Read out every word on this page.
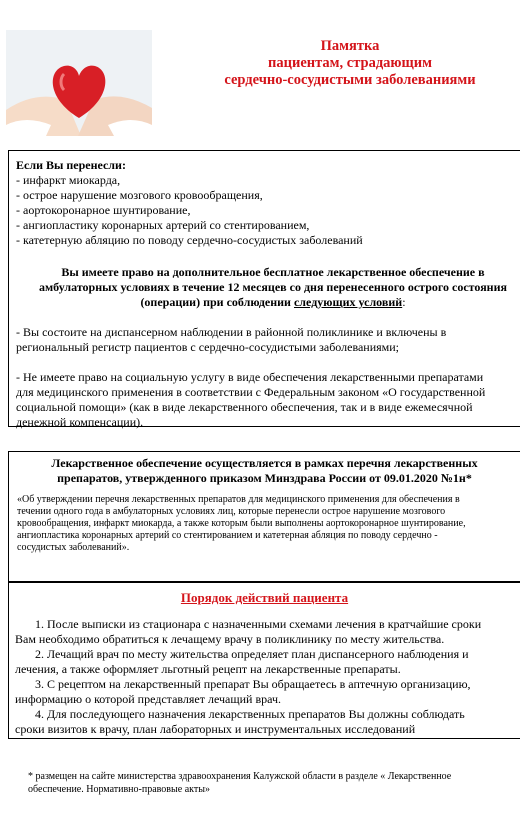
Памятка
пациентам, страдающим
сердечно-сосудистыми заболеваниями
Если Вы перенесли:
- инфаркт миокарда,
- острое нарушение мозгового кровообращения,
- аортокоронарное шунтирование,
- ангиопластику коронарных артерий со стентированием,
- катетерную абляцию по поводу сердечно-сосудистых заболеваний
Вы имеете право на дополнительное бесплатное лекарственное обеспечение в
амбулаторных условиях в течение 12 месяцев со дня перенесенного острого состояния
(операции) при соблюдении следующих условий:
- Вы состоите на диспансерном наблюдении в районной поликлинике и включены в
региональный регистр пациентов с сердечно-сосудистыми заболеваниями;
- Не имеете право на социальную услугу в виде обеспечения лекарственными препаратами
для медицинского применения в соответствии с Федеральным законом «О государственной
социальной помощи» (как в виде лекарственного обеспечения, так и в виде ежемесячной
денежной компенсации).
Лекарственное обеспечение осуществляется в рамках перечня лекарственных
препаратов, утвержденного приказом Минздрава России от 09.01.2020 №1н*
«Об утверждении перечня лекарственных препаратов для медицинского применения для обеспечения в
течении одного года в амбулаторных условиях лиц, которые перенесли острое нарушение мозгового
кровообращения, инфаркт миокарда, а также которым были выполнены аортокоронарное шунтирование,
ангиопластика коронарных артерий со стентированием и катетерная абляция по поводу сердечно -
сосудистых заболеваний».
Порядок действий пациента
1. После выписки из стационара с назначенными схемами лечения в кратчайшие сроки
Вам необходимо обратиться к лечащему врачу в поликлинику по месту жительства.
2. Лечащий врач по месту жительства определяет план диспансерного наблюдения и
лечения, а также оформляет льготный рецепт на лекарственные препараты.
3. С рецептом на лекарственный препарат Вы обращаетесь в аптечную организацию,
информацию о которой представляет лечащий врач.
4. Для последующего назначения лекарственных препаратов Вы должны соблюдать
сроки визитов к врачу, план лабораторных и инструментальных исследований
* размещен на сайте министерства здравоохранения Калужской области в разделе « Лекарственное
обеспечение. Нормативно-правовые акты»
